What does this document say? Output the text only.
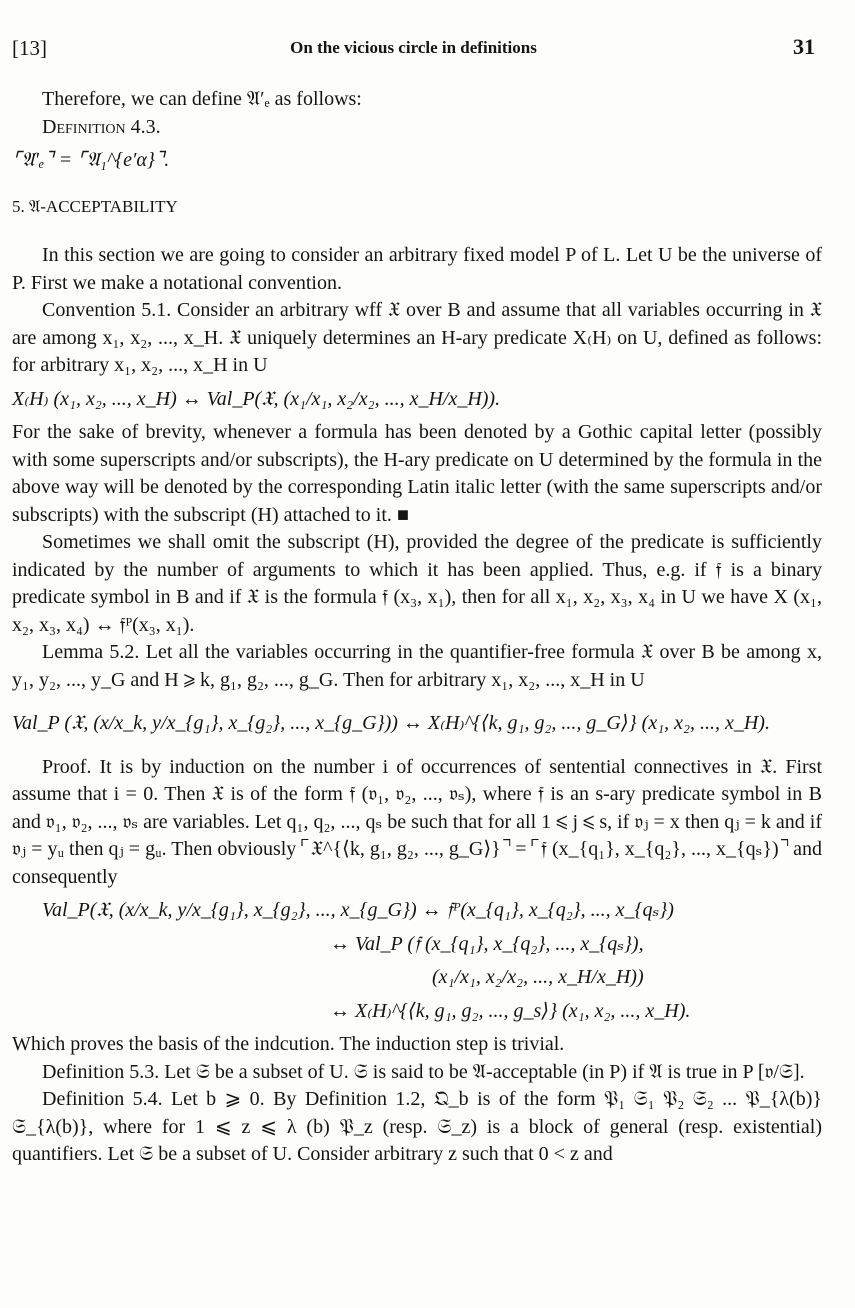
[13]	On the vicious circle in definitions	31

Therefore, we can define 𝔄′ₑ as follows:

Definition 4.3.

⌜𝔄′ₑ⌝ = ⌜𝔄₁^{e′α}⌝.

5. 𝔄-ACCEPTABILITY

In this section we are going to consider an arbitrary fixed model P of L. Let U be the universe of P. First we make a notational convention.

Convention 5.1. Consider an arbitrary wff 𝔛 over B and assume that all variables occurring in 𝔛 are among x₁, x₂, ..., x_H. 𝔛 uniquely determines an H-ary predicate X₍H₎ on U, defined as follows: for arbitrary x₁, x₂, ..., x_H in U

X₍H₎ (x₁, x₂, ..., x_H) ↔ Val_P(𝔛, (x₁/x₁, x₂/x₂, ..., x_H/x_H)).

For the sake of brevity, whenever a formula has been denoted by a Gothic capital letter (possibly with some superscripts and/or subscripts), the H-ary predicate on U determined by the formula in the above way will be denoted by the corresponding Latin italic letter (with the same superscripts and/or subscripts) with the subscript (H) attached to it. ■

Sometimes we shall omit the subscript (H), provided the degree of the predicate is sufficiently indicated by the number of arguments to which it has been applied. Thus, e.g. if 𝔣 is a binary predicate symbol in B and if 𝔛 is the formula 𝔣 (x₃, x₁), then for all x₁, x₂, x₃, x₄ in U we have X (x₁, x₂, x₃, x₄) ↔ 𝔣ᴾ(x₃, x₁).

Lemma 5.2. Let all the variables occurring in the quantifier-free formula 𝔛 over B be among x, y₁, y₂, ..., y_G and H ⩾ k, g₁, g₂, ..., g_G. Then for arbitrary x₁, x₂, ..., x_H in U

Val_P (𝔛, (x/x_k, y/x_{g₁}, x_{g₂}, ..., x_{g_G})) ↔ X₍H₎^{⟨k, g₁, g₂, ..., g_G⟩} (x₁, x₂, ..., x_H).

Proof. It is by induction on the number i of occurrences of sentential connectives in 𝔛. First assume that i = 0. Then 𝔛 is of the form 𝔣 (𝔳₁, 𝔳₂, ..., 𝔳ₛ), where 𝔣 is an s-ary predicate symbol in B and 𝔳₁, 𝔳₂, ..., 𝔳ₛ are variables. Let q₁, q₂, ..., qₛ be such that for all 1 ⩽ j ⩽ s, if 𝔳ⱼ = x then qⱼ = k and if 𝔳ⱼ = yᵤ then qⱼ = gᵤ. Then obviously ⌜𝔛^{⟨k, g₁, g₂, ..., g_G⟩}⌝ = ⌜𝔣 (x_{q₁}, x_{q₂}, ..., x_{qₛ})⌝ and consequently

Val_P(𝔛, (x/x_k, y/x_{g₁}, x_{g₂}, ..., x_{g_G}) ↔ 𝔣ᴾ(x_{q₁}, x_{q₂}, ..., x_{qₛ})

↔ Val_P (𝔣 (x_{q₁}, x_{q₂}, ..., x_{qₛ}),

(x₁/x₁, x₂/x₂, ..., x_H/x_H))

↔ X₍H₎^{⟨k, g₁, g₂, ..., g_s⟩} (x₁, x₂, ..., x_H).

Which proves the basis of the indcution. The induction step is trivial.

Definition 5.3. Let 𝔖 be a subset of U. 𝔖 is said to be 𝔄-acceptable (in P) if 𝔄 is true in P [𝔳/𝔖].

Definition 5.4. Let b ⩾ 0. By Definition 1.2, 𝔔_b is of the form 𝔓₁ 𝔖₁ 𝔓₂ 𝔖₂ ... 𝔓_{λ(b)} 𝔖_{λ(b)}, where for 1 ⩽ z ⩽ λ (b) 𝔓_z (resp. 𝔖_z) is a block of general (resp. existential) quantifiers. Let 𝔖 be a subset of U. Consider arbitrary z such that 0 < z and
